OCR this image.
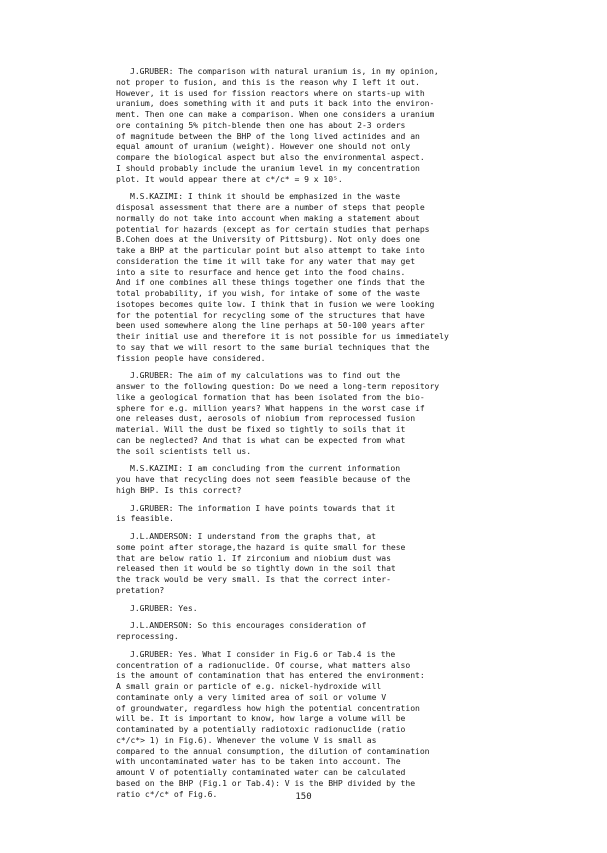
J.GRUBER: The comparison with natural uranium is, in my opinion,
not proper to fusion, and this is the reason why I left it out.
However, it is used for fission reactors where on starts-up with
uranium, does something with it and puts it back into the environ-
ment. Then one can make a comparison. When one considers a uranium
ore containing 5% pitch-blende then one has about 2-3 orders
of magnitude between the BHP of the long lived actinides and an
equal amount of uranium (weight). However one should not only
compare the biological aspect but also the environmental aspect.
I should probably include the uranium level in my concentration
plot. It would appear there at c*/c* = 9 x 10⁵.
M.S.KAZIMI: I think it should be emphasized in the waste
disposal assessment that there are a number of steps that people
normally do not take into account when making a statement about
potential for hazards (except as for certain studies that perhaps
B.Cohen does at the University of Pittsburg). Not only does one
take a BHP at the particular point but also attempt to take into
consideration the time it will take for any water that may get
into a site to resurface and hence get into the food chains.
And if one combines all these things together one finds that the
total probability, if you wish, for intake of some of the waste
isotopes becomes quite low. I think that in fusion we were looking
for the potential for recycling some of the structures that have
been used somewhere along the line perhaps at 50-100 years after
their initial use and therefore it is not possible for us immediately
to say that we will resort to the same burial techniques that the
fission people have considered.
J.GRUBER: The aim of my calculations was to find out the
answer to the following question: Do we need a long-term repository
like a geological formation that has been isolated from the bio-
sphere for e.g. million years? What happens in the worst case if
one releases dust, aerosols of niobium from reprocessed fusion
material. Will the dust be fixed so tightly to soils that it
can be neglected? And that is what can be expected from what
the soil scientists tell us.
M.S.KAZIMI: I am concluding from the current information
you have that recycling does not seem feasible because of the
high BHP. Is this correct?
J.GRUBER: The information I have points towards that it
is feasible.
J.L.ANDERSON: I understand from the graphs that, at
some point after storage,the hazard is quite small for these
that are below ratio 1. If zirconium and niobium dust was
released then it would be so tightly down in the soil that
the track would be very small. Is that the correct inter-
pretation?
J.GRUBER: Yes.
J.L.ANDERSON: So this encourages consideration of
reprocessing.
J.GRUBER: Yes. What I consider in Fig.6 or Tab.4 is the
concentration of a radionuclide. Of course, what matters also
is the amount of contamination that has entered the environment:
A small grain or particle of e.g. nickel-hydroxide will
contaminate only a very limited area of soil or volume V
of groundwater, regardless how high the potential concentration
will be. It is important to know, how large a volume will be
contaminated by a potentially radiotoxic radionuclide (ratio
c*/c*> 1) in Fig.6). Whenever the volume V is small as
compared to the annual consumption, the dilution of contamination
with uncontaminated water has to be taken into account. The
amount V of potentially contaminated water can be calculated
based on the BHP (Fig.1 or Tab.4): V is the BHP divided by the
ratio c*/c* of Fig.6.	150
